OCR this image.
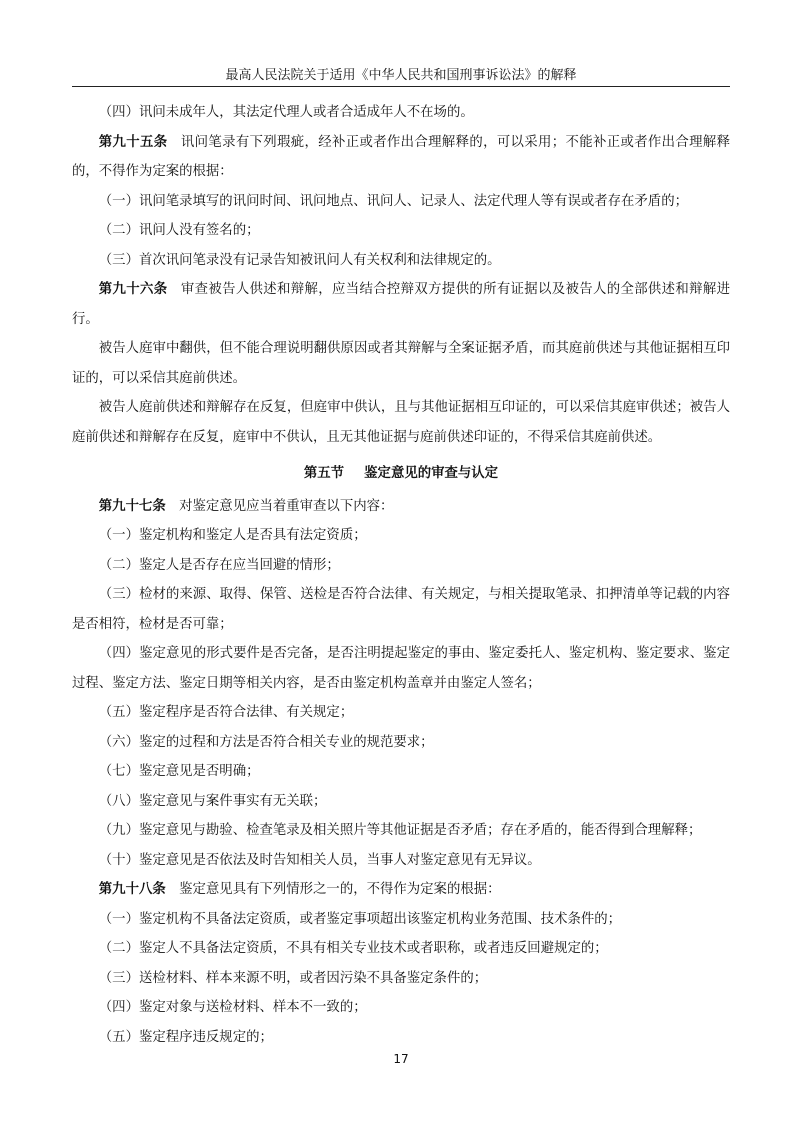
最高人民法院关于适用《中华人民共和国刑事诉讼法》的解释

（四）讯问未成年人，其法定代理人或者合适成年人不在场的。

第九十五条 讯问笔录有下列瑕疵，经补正或者作出合理解释的，可以采用；不能补正或者作出合理解释的，不得作为定案的根据：

（一）讯问笔录填写的讯问时间、讯问地点、讯问人、记录人、法定代理人等有误或者存在矛盾的；

（二）讯问人没有签名的；

（三）首次讯问笔录没有记录告知被讯问人有关权利和法律规定的。

第九十六条 审查被告人供述和辩解，应当结合控辩双方提供的所有证据以及被告人的全部供述和辩解进行。

被告人庭审中翻供，但不能合理说明翻供原因或者其辩解与全案证据矛盾，而其庭前供述与其他证据相互印证的，可以采信其庭前供述。

被告人庭前供述和辩解存在反复，但庭审中供认，且与其他证据相互印证的，可以采信其庭审供述；被告人庭前供述和辩解存在反复，庭审中不供认，且无其他证据与庭前供述印证的，不得采信其庭前供述。

第五节 鉴定意见的审查与认定

第九十七条 对鉴定意见应当着重审查以下内容：

（一）鉴定机构和鉴定人是否具有法定资质；

（二）鉴定人是否存在应当回避的情形；

（三）检材的来源、取得、保管、送检是否符合法律、有关规定，与相关提取笔录、扣押清单等记载的内容是否相符，检材是否可靠；

（四）鉴定意见的形式要件是否完备，是否注明提起鉴定的事由、鉴定委托人、鉴定机构、鉴定要求、鉴定过程、鉴定方法、鉴定日期等相关内容，是否由鉴定机构盖章并由鉴定人签名；

（五）鉴定程序是否符合法律、有关规定；

（六）鉴定的过程和方法是否符合相关专业的规范要求；

（七）鉴定意见是否明确；

（八）鉴定意见与案件事实有无关联；

（九）鉴定意见与勘验、检查笔录及相关照片等其他证据是否矛盾；存在矛盾的，能否得到合理解释；

（十）鉴定意见是否依法及时告知相关人员，当事人对鉴定意见有无异议。

第九十八条 鉴定意见具有下列情形之一的，不得作为定案的根据：

（一）鉴定机构不具备法定资质，或者鉴定事项超出该鉴定机构业务范围、技术条件的；

（二）鉴定人不具备法定资质，不具有相关专业技术或者职称，或者违反回避规定的；

（三）送检材料、样本来源不明，或者因污染不具备鉴定条件的；

（四）鉴定对象与送检材料、样本不一致的；

（五）鉴定程序违反规定的；

17
